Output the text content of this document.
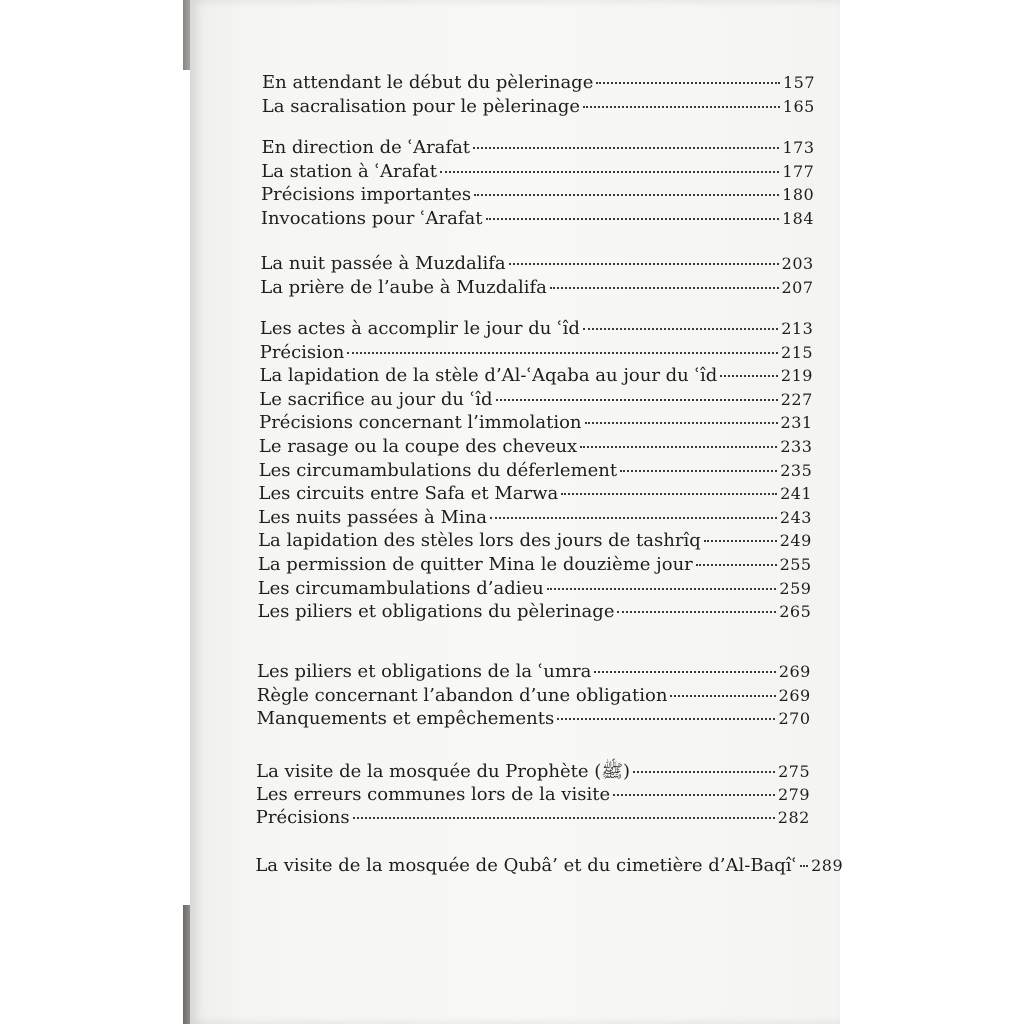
En attendant le début du pèlerinage	157
La sacralisation pour le pèlerinage	165
En direction de ʿArafat	173
La station à ʿArafat	177
Précisions importantes	180
Invocations pour ʿArafat	184
La nuit passée à Muzdalifa	203
La prière de l’aube à Muzdalifa	207
Les actes à accomplir le jour du ʿîd	213
Précision	215
La lapidation de la stèle d’Al-ʿAqaba au jour du ʿîd	219
Le sacrifice au jour du ʿîd	227
Précisions concernant l’immolation	231
Le rasage ou la coupe des cheveux	233
Les circumambulations du déferlement	235
Les circuits entre Safa et Marwa	241
Les nuits passées à Mina	243
La lapidation des stèles lors des jours de tashrîq	249
La permission de quitter Mina le douzième jour	255
Les circumambulations d’adieu	259
Les piliers et obligations du pèlerinage	265
Les piliers et obligations de la ʿumra	269
Règle concernant l’abandon d’une obligation	269
Manquements et empêchements	270
La visite de la mosquée du Prophète (ﷺ)	275
Les erreurs communes lors de la visite	279
Précisions	282
La visite de la mosquée de Qubâ’ et du cimetière d’Al-Baqîʿ 289
